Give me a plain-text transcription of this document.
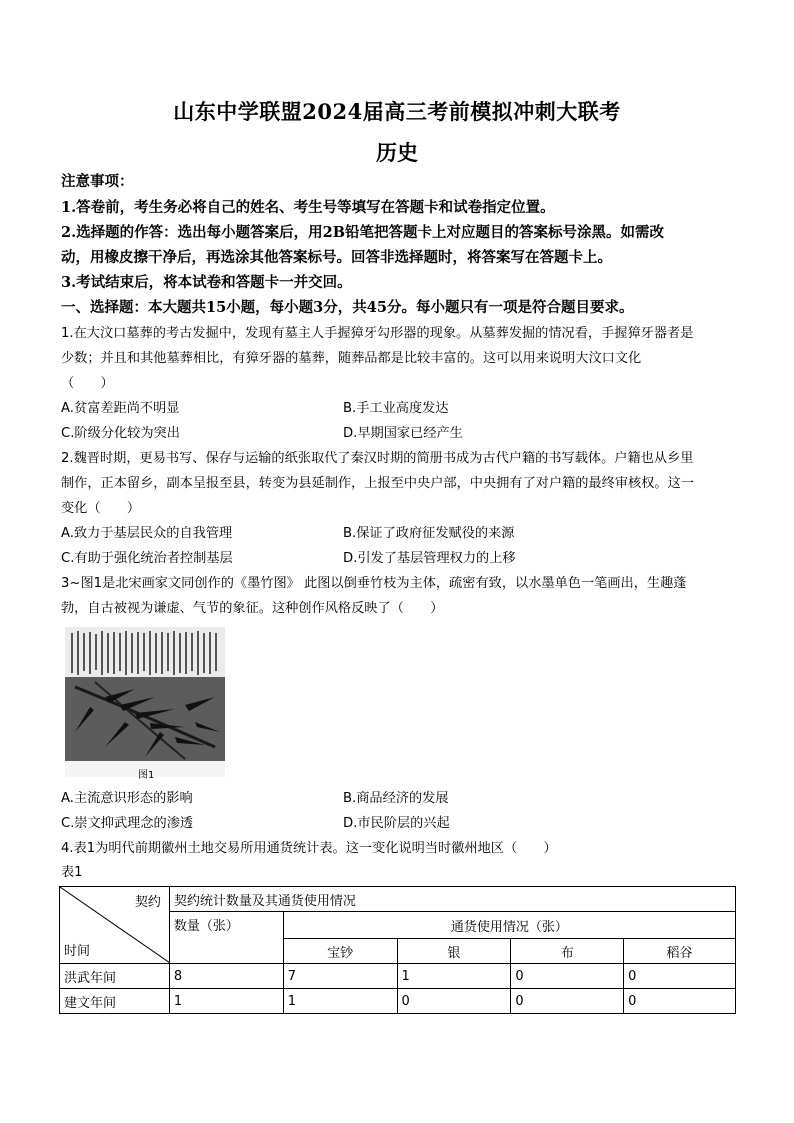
山东中学联盟2024届高三考前模拟冲刺大联考
历史
注意事项：
1.答卷前，考生务必将自己的姓名、考生号等填写在答题卡和试卷指定位置。
2.选择题的作答：选出每小题答案后，用2B铅笔把答题卡上对应题目的答案标号涂黑。如需改
动，用橡皮擦干净后，再选涂其他答案标号。回答非选择题时，将答案写在答题卡上。
3.考试结束后，将本试卷和答题卡一并交回。
一、选择题：本大题共15小题，每小题3分，共45分。每小题只有一项是符合题目要求。
1.在大汶口墓葬的考古发掘中，发现有墓主人手握獐牙勾形器的现象。从墓葬发掘的情况看，手握獐牙器者是
少数；并且和其他墓葬相比，有獐牙器的墓葬，随葬品都是比较丰富的。这可以用来说明大汶口文化
（　　）
A.贫富差距尚不明显	B.手工业高度发达
C.阶级分化较为突出	D.早期国家已经产生
2.魏晋时期，更易书写、保存与运输的纸张取代了秦汉时期的简册书成为古代户籍的书写载体。户籍也从乡里
制作，正本留乡，副本呈报至县，转变为县延制作，上报至中央户部，中央拥有了对户籍的最终审核权。这一
变化（　　）
A.致力于基层民众的自我管理	B.保证了政府征发赋役的来源
C.有助于强化统治者控制基层	D.引发了基层管理权力的上移
3~图1是北宋画家文同创作的《墨竹图》 此图以倒垂竹枝为主体，疏密有致，以水墨单色一笔画出，生趣蓬
勃，自古被视为谦虚、气节的象征。这种创作风格反映了（　　）
图1
A.主流意识形态的影响	B.商品经济的发展
C.崇文抑武理念的渗透	D.市民阶层的兴起
4.表1为明代前期徽州土地交易所用通货统计表。这一变化说明当时徽州地区（　　）
表1
契约
时间	契约统计数量及其通货使用情况				
	数量（张）	通货使用情况（张）			
		宝钞	银	布	稻谷
洪武年间	8	7	1	0	0
建文年间	1	1	0	0	0
